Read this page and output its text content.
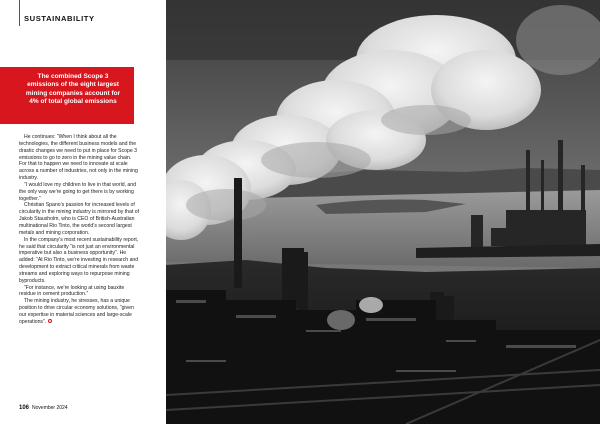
SUSTAINABILITY
The combined Scope 3 emissions of the eight largest mining companies account for 4% of total global emissions

He continues: “When I think about all the technologies, the different business models and the drastic changes we need to put in place for Scope 3 emissions to go to zero in the mining value chain. For that to happen we need to innovate at scale across a number of industries, not only in the mining industry.

“I would love my children to live in that world, and the only way we’re going to get there is by working together.”

Christian Spano’s passion for increased levels of circularity in the mining industry is mirrored by that of Jakob Stausholm, who is CEO of British-Australian multinational Rio Tinto, the world’s second largest metals and mining corporation.

In the company’s most recent sustainability report, he said that circularity “is not just an environmental imperative but also a business opportunity”. He added: “At Rio Tinto, we’re investing in research and development to extract critical minerals from waste streams and exploring ways to repurpose mining byproducts.

“For instance, we’re looking at using bauxite residue in cement production.”

The mining industry, he stresses, has a unique position to drive circular economy solutions, “given our expertise in material sciences and large-scale operations”.

106 November 2024
